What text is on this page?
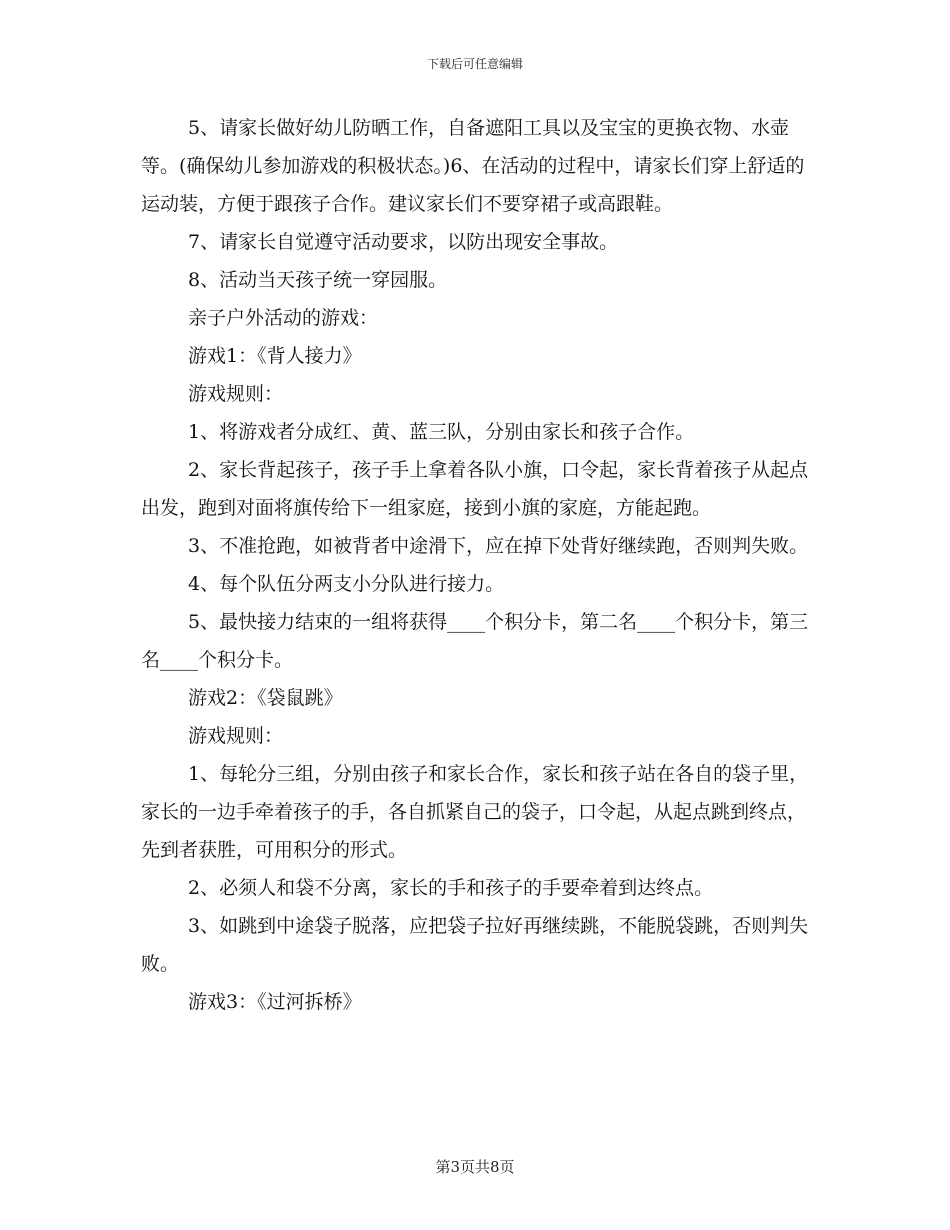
下载后可任意编辑

5、请家长做好幼儿防晒工作，自备遮阳工具以及宝宝的更换衣物、水壶等。(确保幼儿参加游戏的积极状态。)6、在活动的过程中，请家长们穿上舒适的运动装，方便于跟孩子合作。建议家长们不要穿裙子或高跟鞋。

7、请家长自觉遵守活动要求，以防出现安全事故。

8、活动当天孩子统一穿园服。

亲子户外活动的游戏：

游戏1：《背人接力》

游戏规则：

1、将游戏者分成红、黄、蓝三队，分别由家长和孩子合作。

2、家长背起孩子，孩子手上拿着各队小旗，口令起，家长背着孩子从起点出发，跑到对面将旗传给下一组家庭，接到小旗的家庭，方能起跑。

3、不准抢跑，如被背者中途滑下，应在掉下处背好继续跑，否则判失败。

4、每个队伍分两支小分队进行接力。

5、最快接力结束的一组将获得____个积分卡，第二名____个积分卡，第三名____个积分卡。

游戏2：《袋鼠跳》

游戏规则：

1、每轮分三组，分别由孩子和家长合作，家长和孩子站在各自的袋子里，家长的一边手牵着孩子的手，各自抓紧自己的袋子，口令起，从起点跳到终点，先到者获胜，可用积分的形式。

2、必须人和袋不分离，家长的手和孩子的手要牵着到达终点。

3、如跳到中途袋子脱落，应把袋子拉好再继续跳，不能脱袋跳，否则判失败。

游戏3：《过河拆桥》

第3页共8页
